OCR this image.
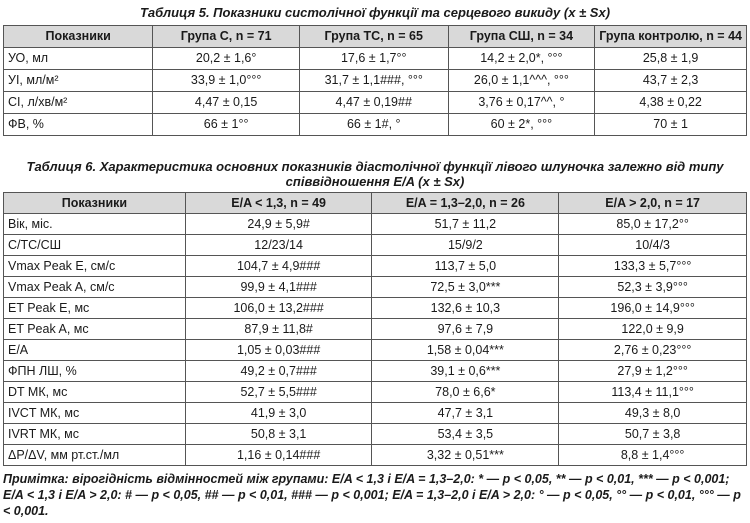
Таблиця 5. Показники систолічної функції та серцевого викиду (x ± Sx)
Показники	Група С, n = 71	Група ТС, n = 65	Група СШ, n = 34	Група контролю, n = 44
УО, мл	20,2 ± 1,6°	17,6 ± 1,7°°	14,2 ± 2,0*, °°°	25,8 ± 1,9
УІ, мл/м²	33,9 ± 1,0°°°	31,7 ± 1,1###, °°°	26,0 ± 1,1^^^, °°°	43,7 ± 2,3
СІ, л/хв/м²	4,47 ± 0,15	4,47 ± 0,19##	3,76 ± 0,17^^, °	4,38 ± 0,22
ФВ, %	66 ± 1°°	66 ± 1#, °	60 ± 2*, °°°	70 ± 1
Таблиця 6. Характеристика основних показників діастолічної функції лівого шлуночка залежно від типу
співвідношення E/A (x ± Sx)
Показники	E/A < 1,3, n = 49	E/A = 1,3–2,0, n = 26	E/A > 2,0, n = 17
Вік, міс.	24,9 ± 5,9#	51,7 ± 11,2	85,0 ± 17,2°°
С/ТС/СШ	12/23/14	15/9/2	10/4/3
Vmax Peak E, см/с	104,7 ± 4,9###	113,7 ± 5,0	133,3 ± 5,7°°°
Vmax Peak A, см/с	99,9 ± 4,1###	72,5 ± 3,0***	52,3 ± 3,9°°°
ET Peak E, мс	106,0 ± 13,2###	132,6 ± 10,3	196,0 ± 14,9°°°
ET Peak A, мс	87,9 ± 11,8#	97,6 ± 7,9	122,0 ± 9,9
E/A	1,05 ± 0,03###	1,58 ± 0,04***	2,76 ± 0,23°°°
ФПН ЛШ, %	49,2 ± 0,7###	39,1 ± 0,6***	27,9 ± 1,2°°°
DT МК, мс	52,7 ± 5,5###	78,0 ± 6,6*	113,4 ± 11,1°°°
IVCT МК, мс	41,9 ± 3,0	47,7 ± 3,1	49,3 ± 8,0
IVRT МК, мс	50,8 ± 3,1	53,4 ± 3,5	50,7 ± 3,8
ΔP/ΔV, мм рт.ст./мл	1,16 ± 0,14###	3,32 ± 0,51***	8,8 ± 1,4°°°
Примітка: вірогідність відмінностей між групами: E/A < 1,3 і E/A = 1,3–2,0: * — p < 0,05, ** — p < 0,01, *** — p < 0,001; E/A < 1,3 і E/A > 2,0: # — p < 0,05, ## — p < 0,01, ### — p < 0,001; E/A = 1,3–2,0 і E/A > 2,0: ° — p < 0,05, °° — p < 0,01, °°° — p < 0,001.
